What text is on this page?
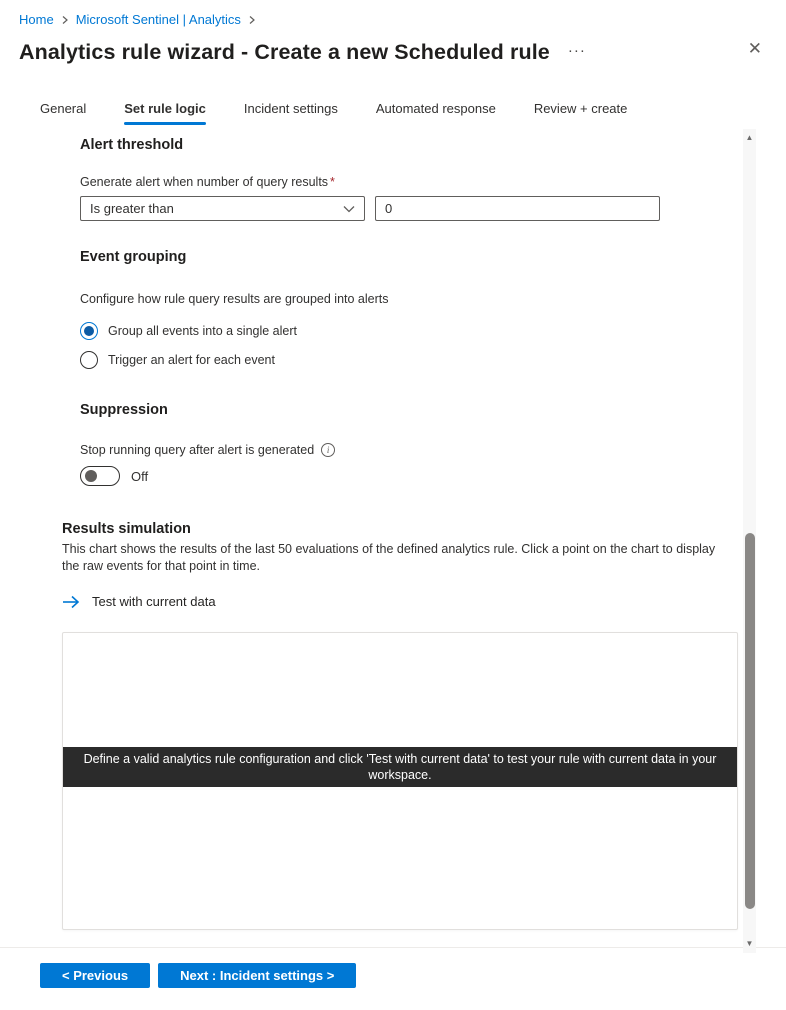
Home Microsoft Sentinel | Analytics
Analytics rule wizard - Create a new Scheduled rule ···	✕
General	Set rule logic	Incident settings	Automated response	Review + create
Alert threshold
Generate alert when number of query results *
Is greater than
0
Event grouping
Configure how rule query results are grouped into alerts
Group all events into a single alert
Trigger an alert for each event
Suppression
Stop running query after alert is generated	i
Off
Results simulation
This chart shows the results of the last 50 evaluations of the defined analytics rule. Click a point on the chart to display the raw events for that point in time.
Test with current data
Define a valid analytics rule configuration and click 'Test with current data' to test your rule with current data in your workspace.
▲
▼
< Previous	Next : Incident settings >
